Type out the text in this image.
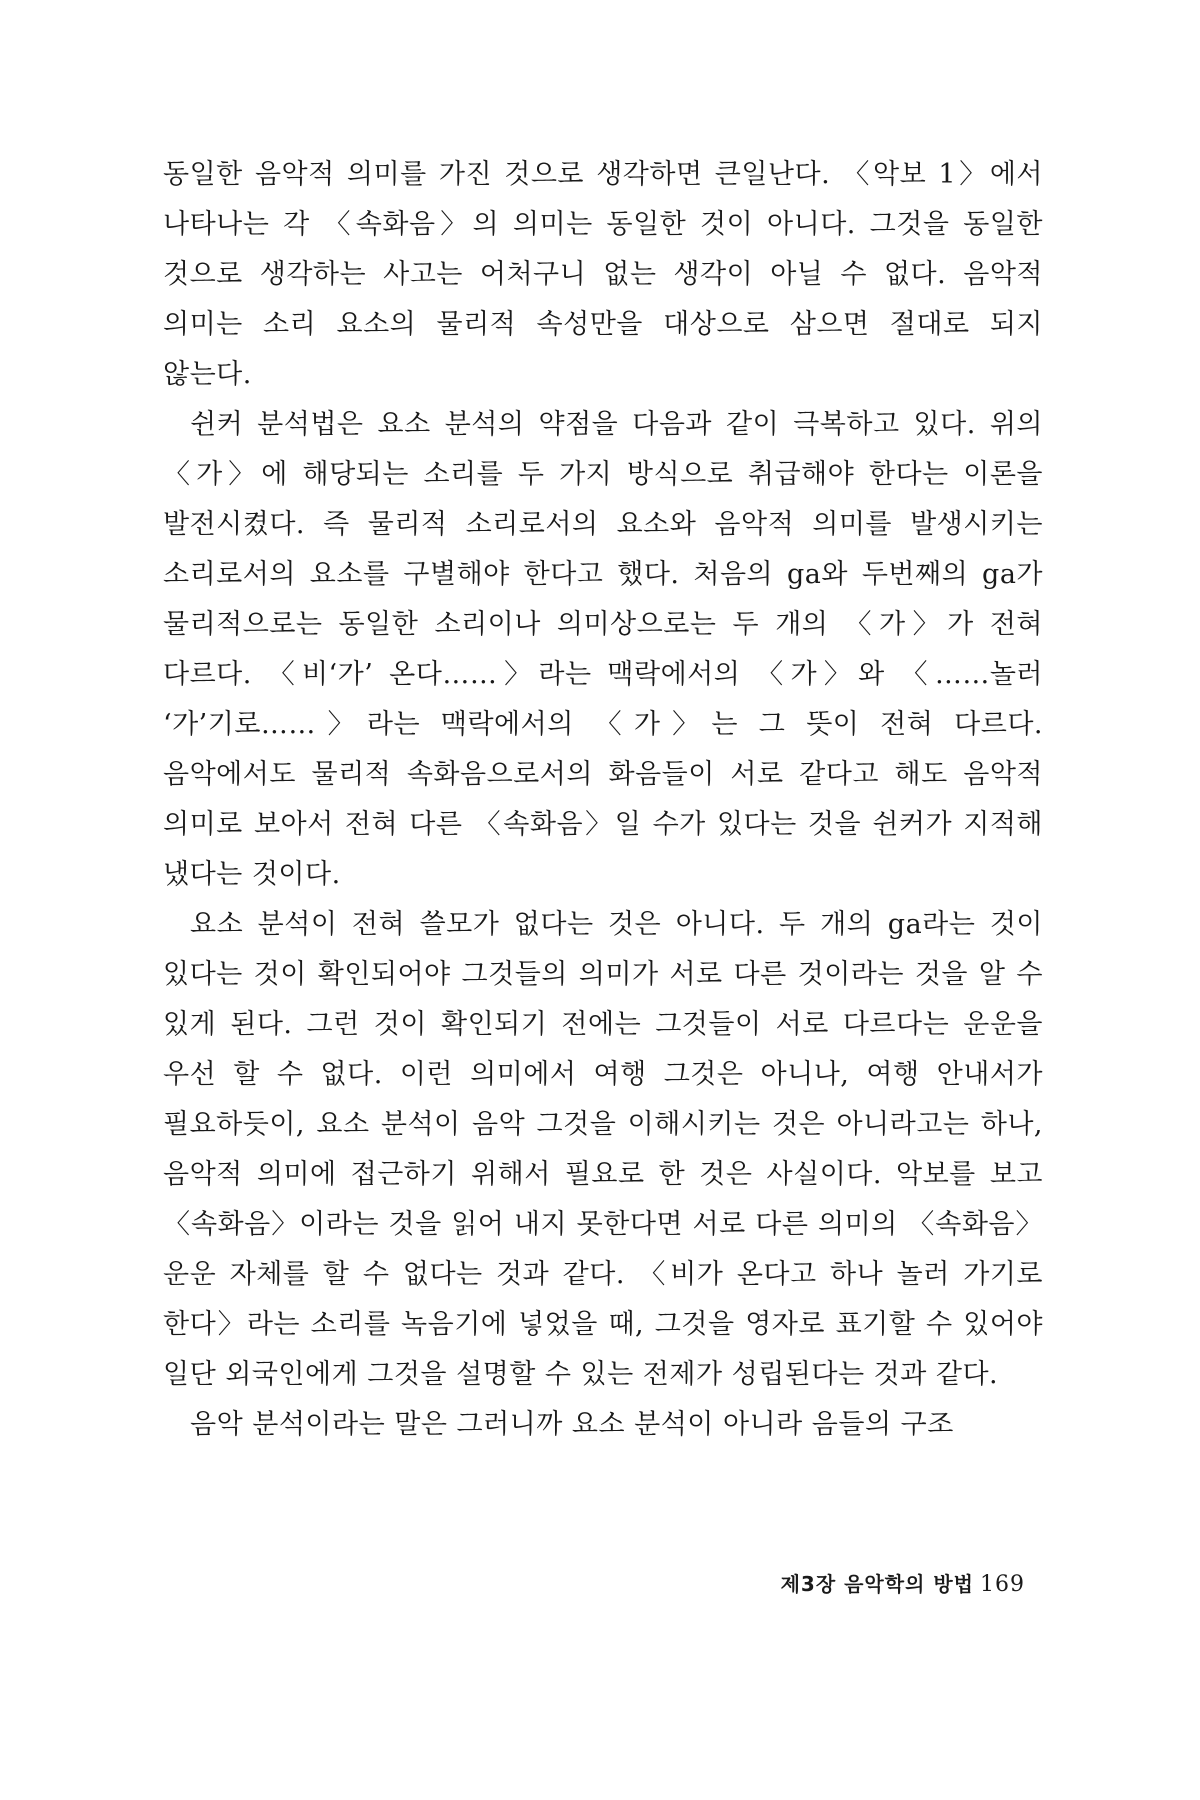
동일한 음악적 의미를 가진 것으로 생각하면 큰일난다. 〈악보 1〉에서 나타나는 각 〈속화음〉의 의미는 동일한 것이 아니다. 그것을 동일한 것으로 생각하는 사고는 어처구니 없는 생각이 아닐 수 없다. 음악적 의미는 소리 요소의 물리적 속성만을 대상으로 삼으면 절대로 되지 않는다.

쉰커 분석법은 요소 분석의 약점을 다음과 같이 극복하고 있다. 위의 〈가〉에 해당되는 소리를 두 가지 방식으로 취급해야 한다는 이론을 발전시켰다. 즉 물리적 소리로서의 요소와 음악적 의미를 발생시키는 소리로서의 요소를 구별해야 한다고 했다. 처음의 ga와 두번째의 ga가 물리적으로는 동일한 소리이나 의미상으로는 두 개의 〈가〉가 전혀 다르다. 〈비‘가’ 온다……〉라는 맥락에서의 〈가〉와 〈……놀러 ‘가’기로……〉라는 맥락에서의 〈가〉는 그 뜻이 전혀 다르다. 음악에서도 물리적 속화음으로서의 화음들이 서로 같다고 해도 음악적 의미로 보아서 전혀 다른 〈속화음〉일 수가 있다는 것을 쉰커가 지적해 냈다는 것이다.

요소 분석이 전혀 쓸모가 없다는 것은 아니다. 두 개의 ga라는 것이 있다는 것이 확인되어야 그것들의 의미가 서로 다른 것이라는 것을 알 수 있게 된다. 그런 것이 확인되기 전에는 그것들이 서로 다르다는 운운을 우선 할 수 없다. 이런 의미에서 여행 그것은 아니나, 여행 안내서가 필요하듯이, 요소 분석이 음악 그것을 이해시키는 것은 아니라고는 하나, 음악적 의미에 접근하기 위해서 필요로 한 것은 사실이다. 악보를 보고 〈속화음〉이라는 것을 읽어 내지 못한다면 서로 다른 의미의 〈속화음〉 운운 자체를 할 수 없다는 것과 같다. 〈비가 온다고 하나 놀러 가기로 한다〉라는 소리를 녹음기에 넣었을 때, 그것을 영자로 표기할 수 있어야 일단 외국인에게 그것을 설명할 수 있는 전제가 성립된다는 것과 같다.

음악 분석이라는 말은 그러니까 요소 분석이 아니라 음들의 구조

제3장 음악학의 방법 169
